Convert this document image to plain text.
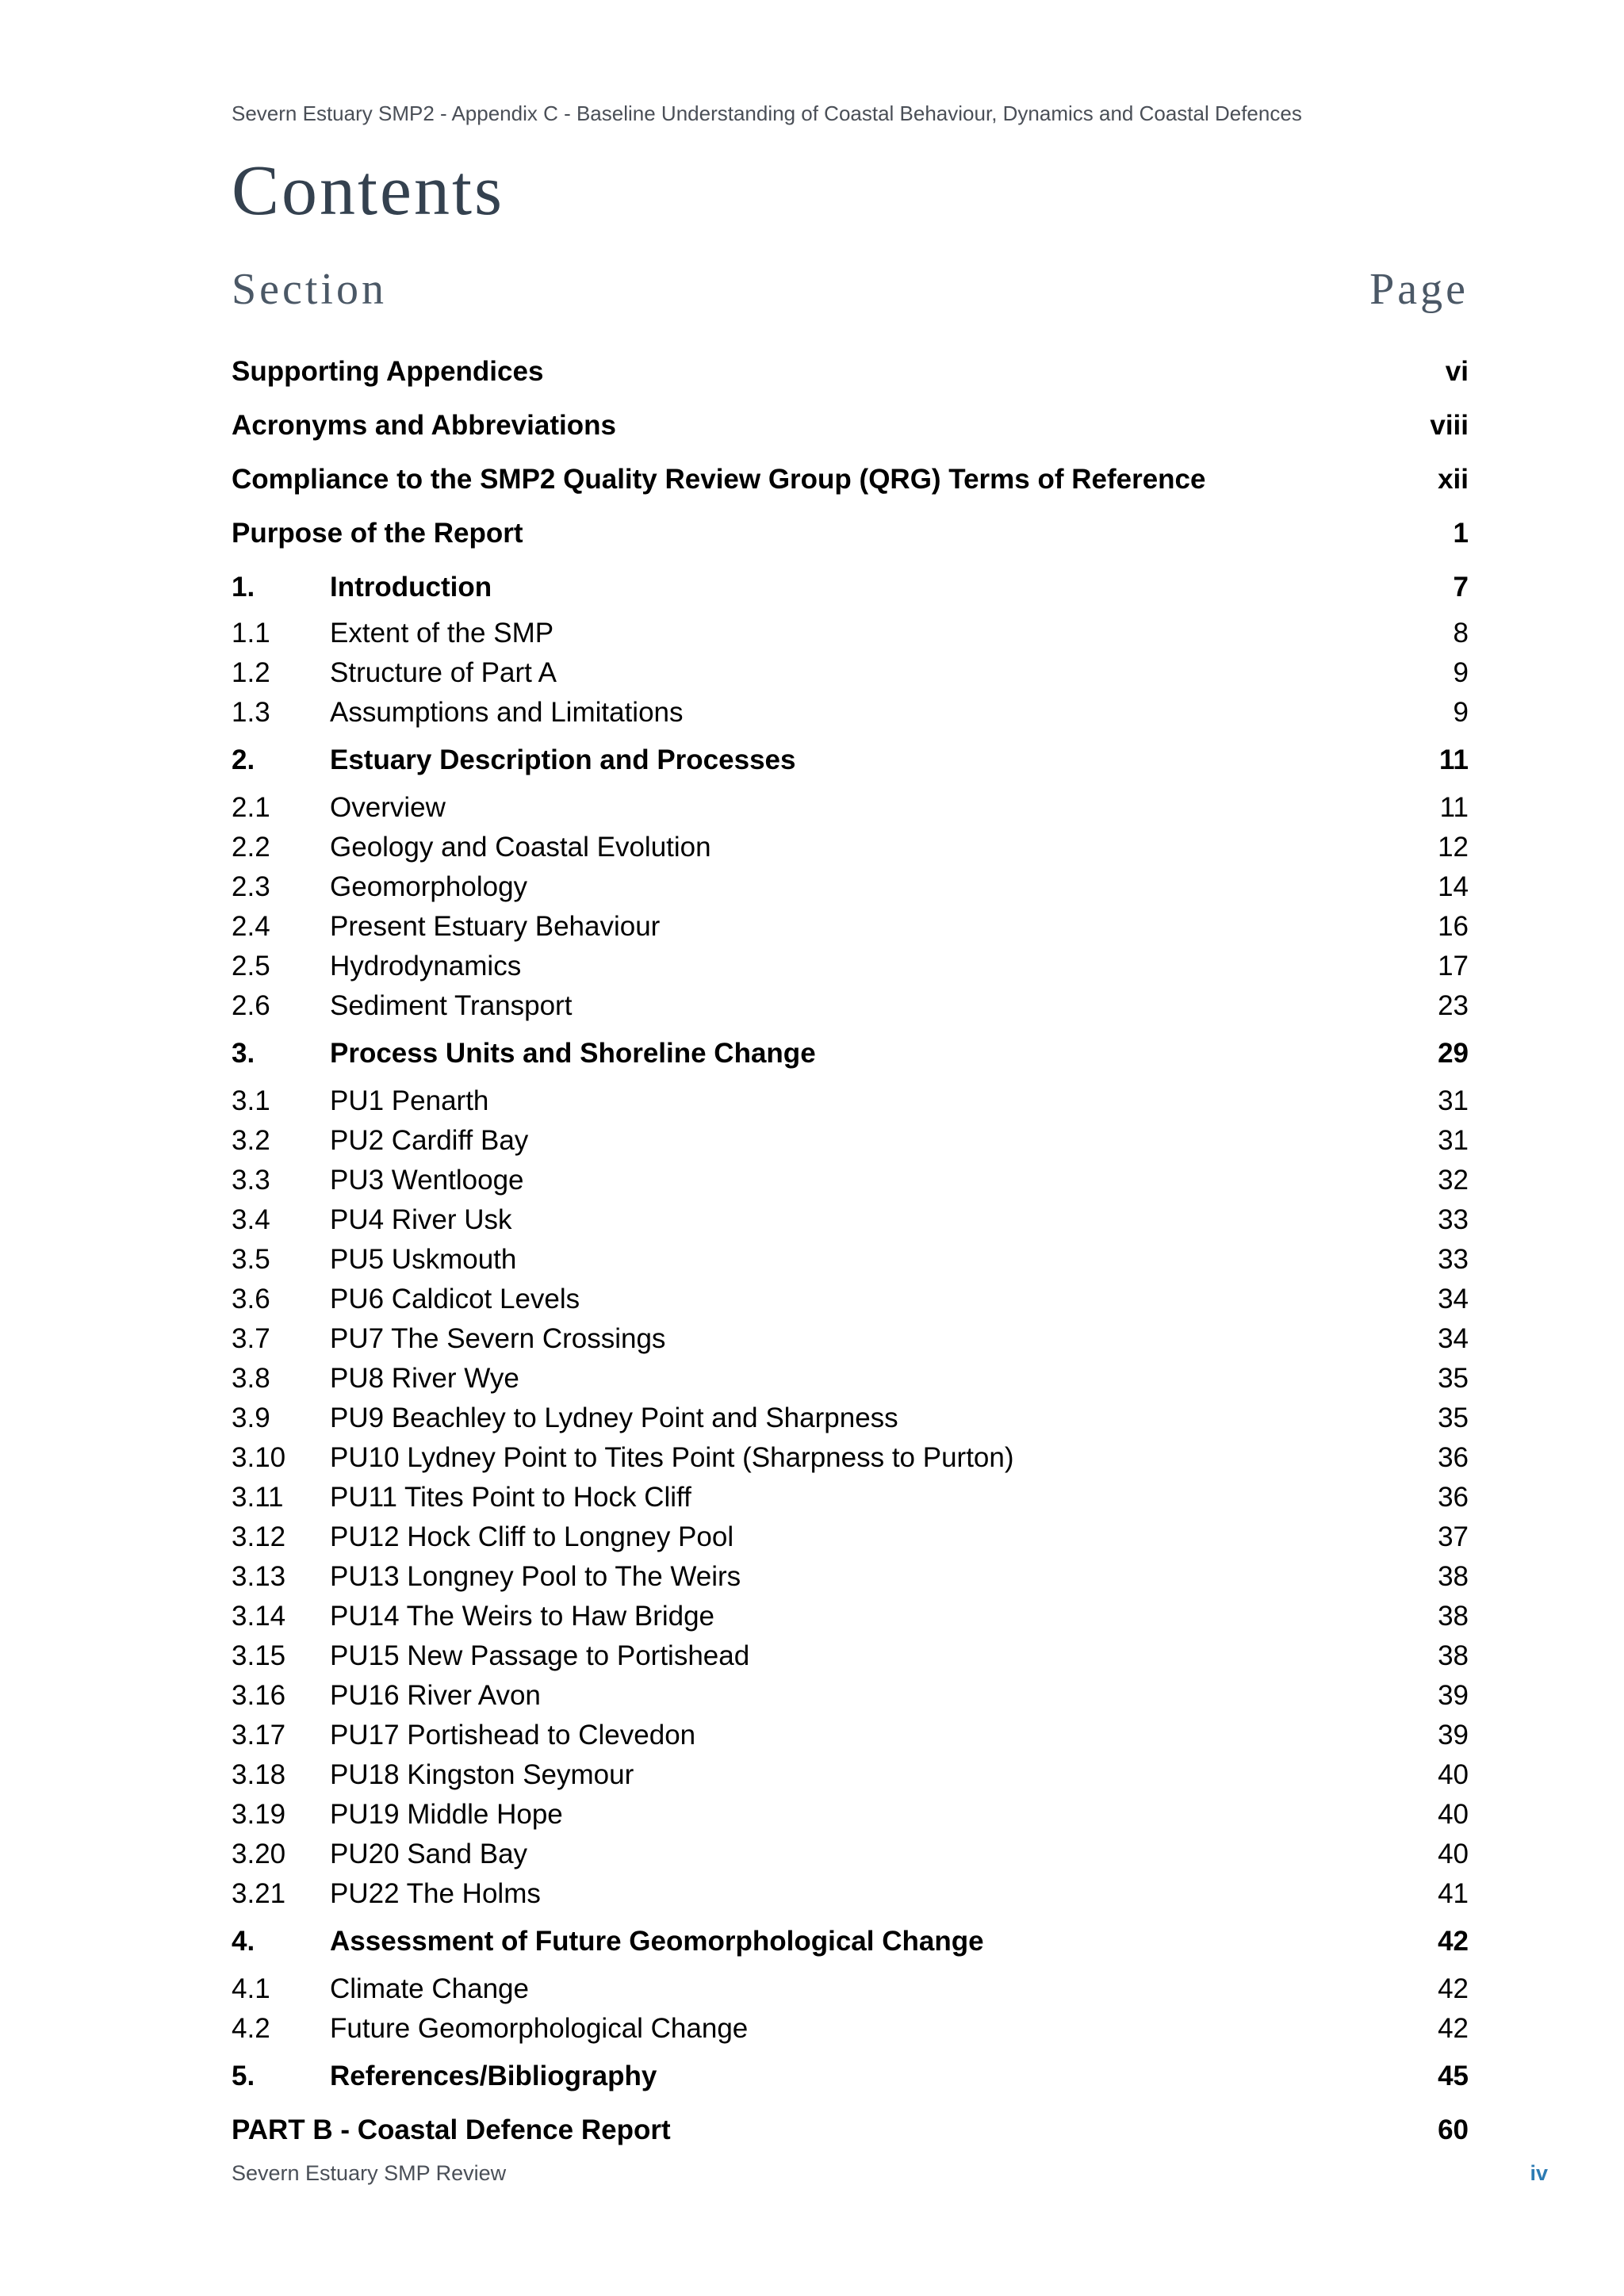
Severn Estuary SMP2 - Appendix C - Baseline Understanding of Coastal Behaviour, Dynamics and Coastal Defences
Contents
Section	Page
Supporting Appendices	vi
Acronyms and Abbreviations	viii
Compliance to the SMP2 Quality Review Group (QRG) Terms of Reference	xii
Purpose of the Report	1
1.	Introduction	7
1.1 Extent of the SMP	8
1.2 Structure of Part A	9
1.3 Assumptions and Limitations	9
2.	Estuary Description and Processes	11
2.1 Overview	11
2.2 Geology and Coastal Evolution	12
2.3 Geomorphology	14
2.4 Present Estuary Behaviour	16
2.5 Hydrodynamics	17
2.6 Sediment Transport	23
3.	Process Units and Shoreline Change	29
3.1 PU1 Penarth	31
3.2 PU2 Cardiff Bay	31
3.3 PU3 Wentlooge	32
3.4 PU4 River Usk	33
3.5 PU5 Uskmouth	33
3.6 PU6 Caldicot Levels	34
3.7 PU7 The Severn Crossings	34
3.8 PU8 River Wye	35
3.9 PU9 Beachley to Lydney Point and Sharpness	35
3.10 PU10 Lydney Point to Tites Point (Sharpness to Purton)	36
3.11 PU11 Tites Point to Hock Cliff	36
3.12 PU12 Hock Cliff to Longney Pool	37
3.13 PU13 Longney Pool to The Weirs	38
3.14 PU14 The Weirs to Haw Bridge	38
3.15 PU15 New Passage to Portishead	38
3.16 PU16 River Avon	39
3.17 PU17 Portishead to Clevedon	39
3.18 PU18 Kingston Seymour	40
3.19 PU19 Middle Hope	40
3.20 PU20 Sand Bay	40
3.21 PU22 The Holms	41
4.	Assessment of Future Geomorphological Change	42
4.1 Climate Change	42
4.2 Future Geomorphological Change	42
5.	References/Bibliography	45
PART B - Coastal Defence Report	60
Severn Estuary SMP Review	iv
